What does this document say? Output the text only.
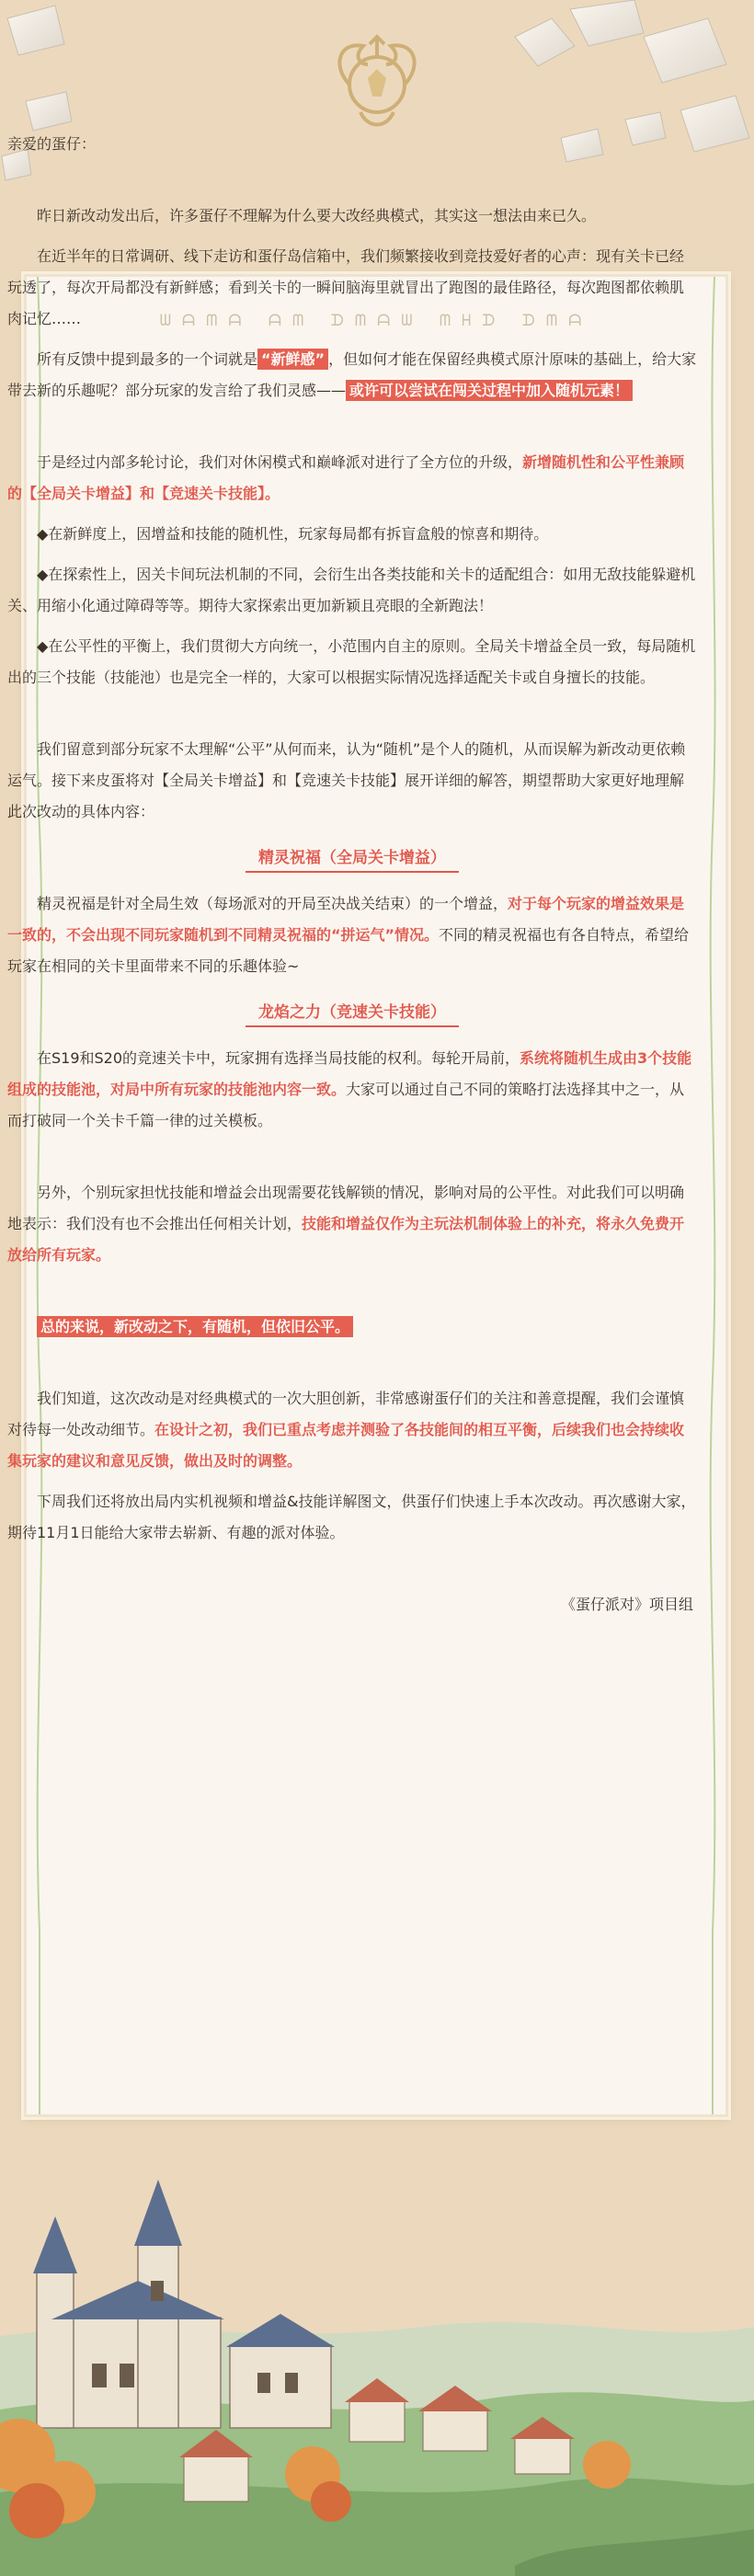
ᗯᗩᗰᗩ ᗩᗰ ᗪᗰᗩᗯ ᗰᕼᗪ ᗪᗰᗩ

亲爱的蛋仔：

昨日新改动发出后，许多蛋仔不理解为什么要大改经典模式，其实这一想法由来已久。

在近半年的日常调研、线下走访和蛋仔岛信箱中，我们频繁接收到竞技爱好者的心声：现有关卡已经玩透了，每次开局都没有新鲜感；看到关卡的一瞬间脑海里就冒出了跑图的最佳路径，每次跑图都依赖肌肉记忆……

所有反馈中提到最多的一个词就是 “新鲜感” ，但如何才能在保留经典模式原汁原味的基础上，给大家带去新的乐趣呢？部分玩家的发言给了我们灵感—— 或许可以尝试在闯关过程中加入随机元素！

于是经过内部多轮讨论，我们对休闲模式和巅峰派对进行了全方位的升级，新增随机性和公平性兼顾的【全局关卡增益】和【竞速关卡技能】。

◆在新鲜度上，因增益和技能的随机性，玩家每局都有拆盲盒般的惊喜和期待。

◆在探索性上，因关卡间玩法机制的不同，会衍生出各类技能和关卡的适配组合：如用无敌技能躲避机关、用缩小化通过障碍等等。期待大家探索出更加新颖且亮眼的全新跑法！

◆在公平性的平衡上，我们贯彻大方向统一，小范围内自主的原则。全局关卡增益全员一致，每局随机出的三个技能（技能池）也是完全一样的，大家可以根据实际情况选择适配关卡或自身擅长的技能。

我们留意到部分玩家不太理解“公平”从何而来，认为“随机”是个人的随机，从而误解为新改动更依赖运气。接下来皮蛋将对【全局关卡增益】和【竞速关卡技能】展开详细的解答，期望帮助大家更好地理解此次改动的具体内容：

精灵祝福（全局关卡增益）

精灵祝福是针对全局生效（每场派对的开局至决战关结束）的一个增益，对于每个玩家的增益效果是一致的，不会出现不同玩家随机到不同精灵祝福的“拼运气”情况。不同的精灵祝福也有各自特点，希望给玩家在相同的关卡里面带来不同的乐趣体验~

龙焰之力（竞速关卡技能）

在S19和S20的竞速关卡中，玩家拥有选择当局技能的权利。每轮开局前，系统将随机生成由3个技能组成的技能池，对局中所有玩家的技能池内容一致。大家可以通过自己不同的策略打法选择其中之一，从而打破同一个关卡千篇一律的过关模板。

另外，个别玩家担忧技能和增益会出现需要花钱解锁的情况，影响对局的公平性。对此我们可以明确地表示：我们没有也不会推出任何相关计划，技能和增益仅作为主玩法机制体验上的补充，将永久免费开放给所有玩家。

总的来说，新改动之下，有随机，但依旧公平。

我们知道，这次改动是对经典模式的一次大胆创新，非常感谢蛋仔们的关注和善意提醒，我们会谨慎对待每一处改动细节。在设计之初，我们已重点考虑并测验了各技能间的相互平衡，后续我们也会持续收集玩家的建议和意见反馈，做出及时的调整。

下周我们还将放出局内实机视频和增益&技能详解图文，供蛋仔们快速上手本次改动。再次感谢大家，期待11月1日能给大家带去崭新、有趣的派对体验。

《蛋仔派对》项目组
